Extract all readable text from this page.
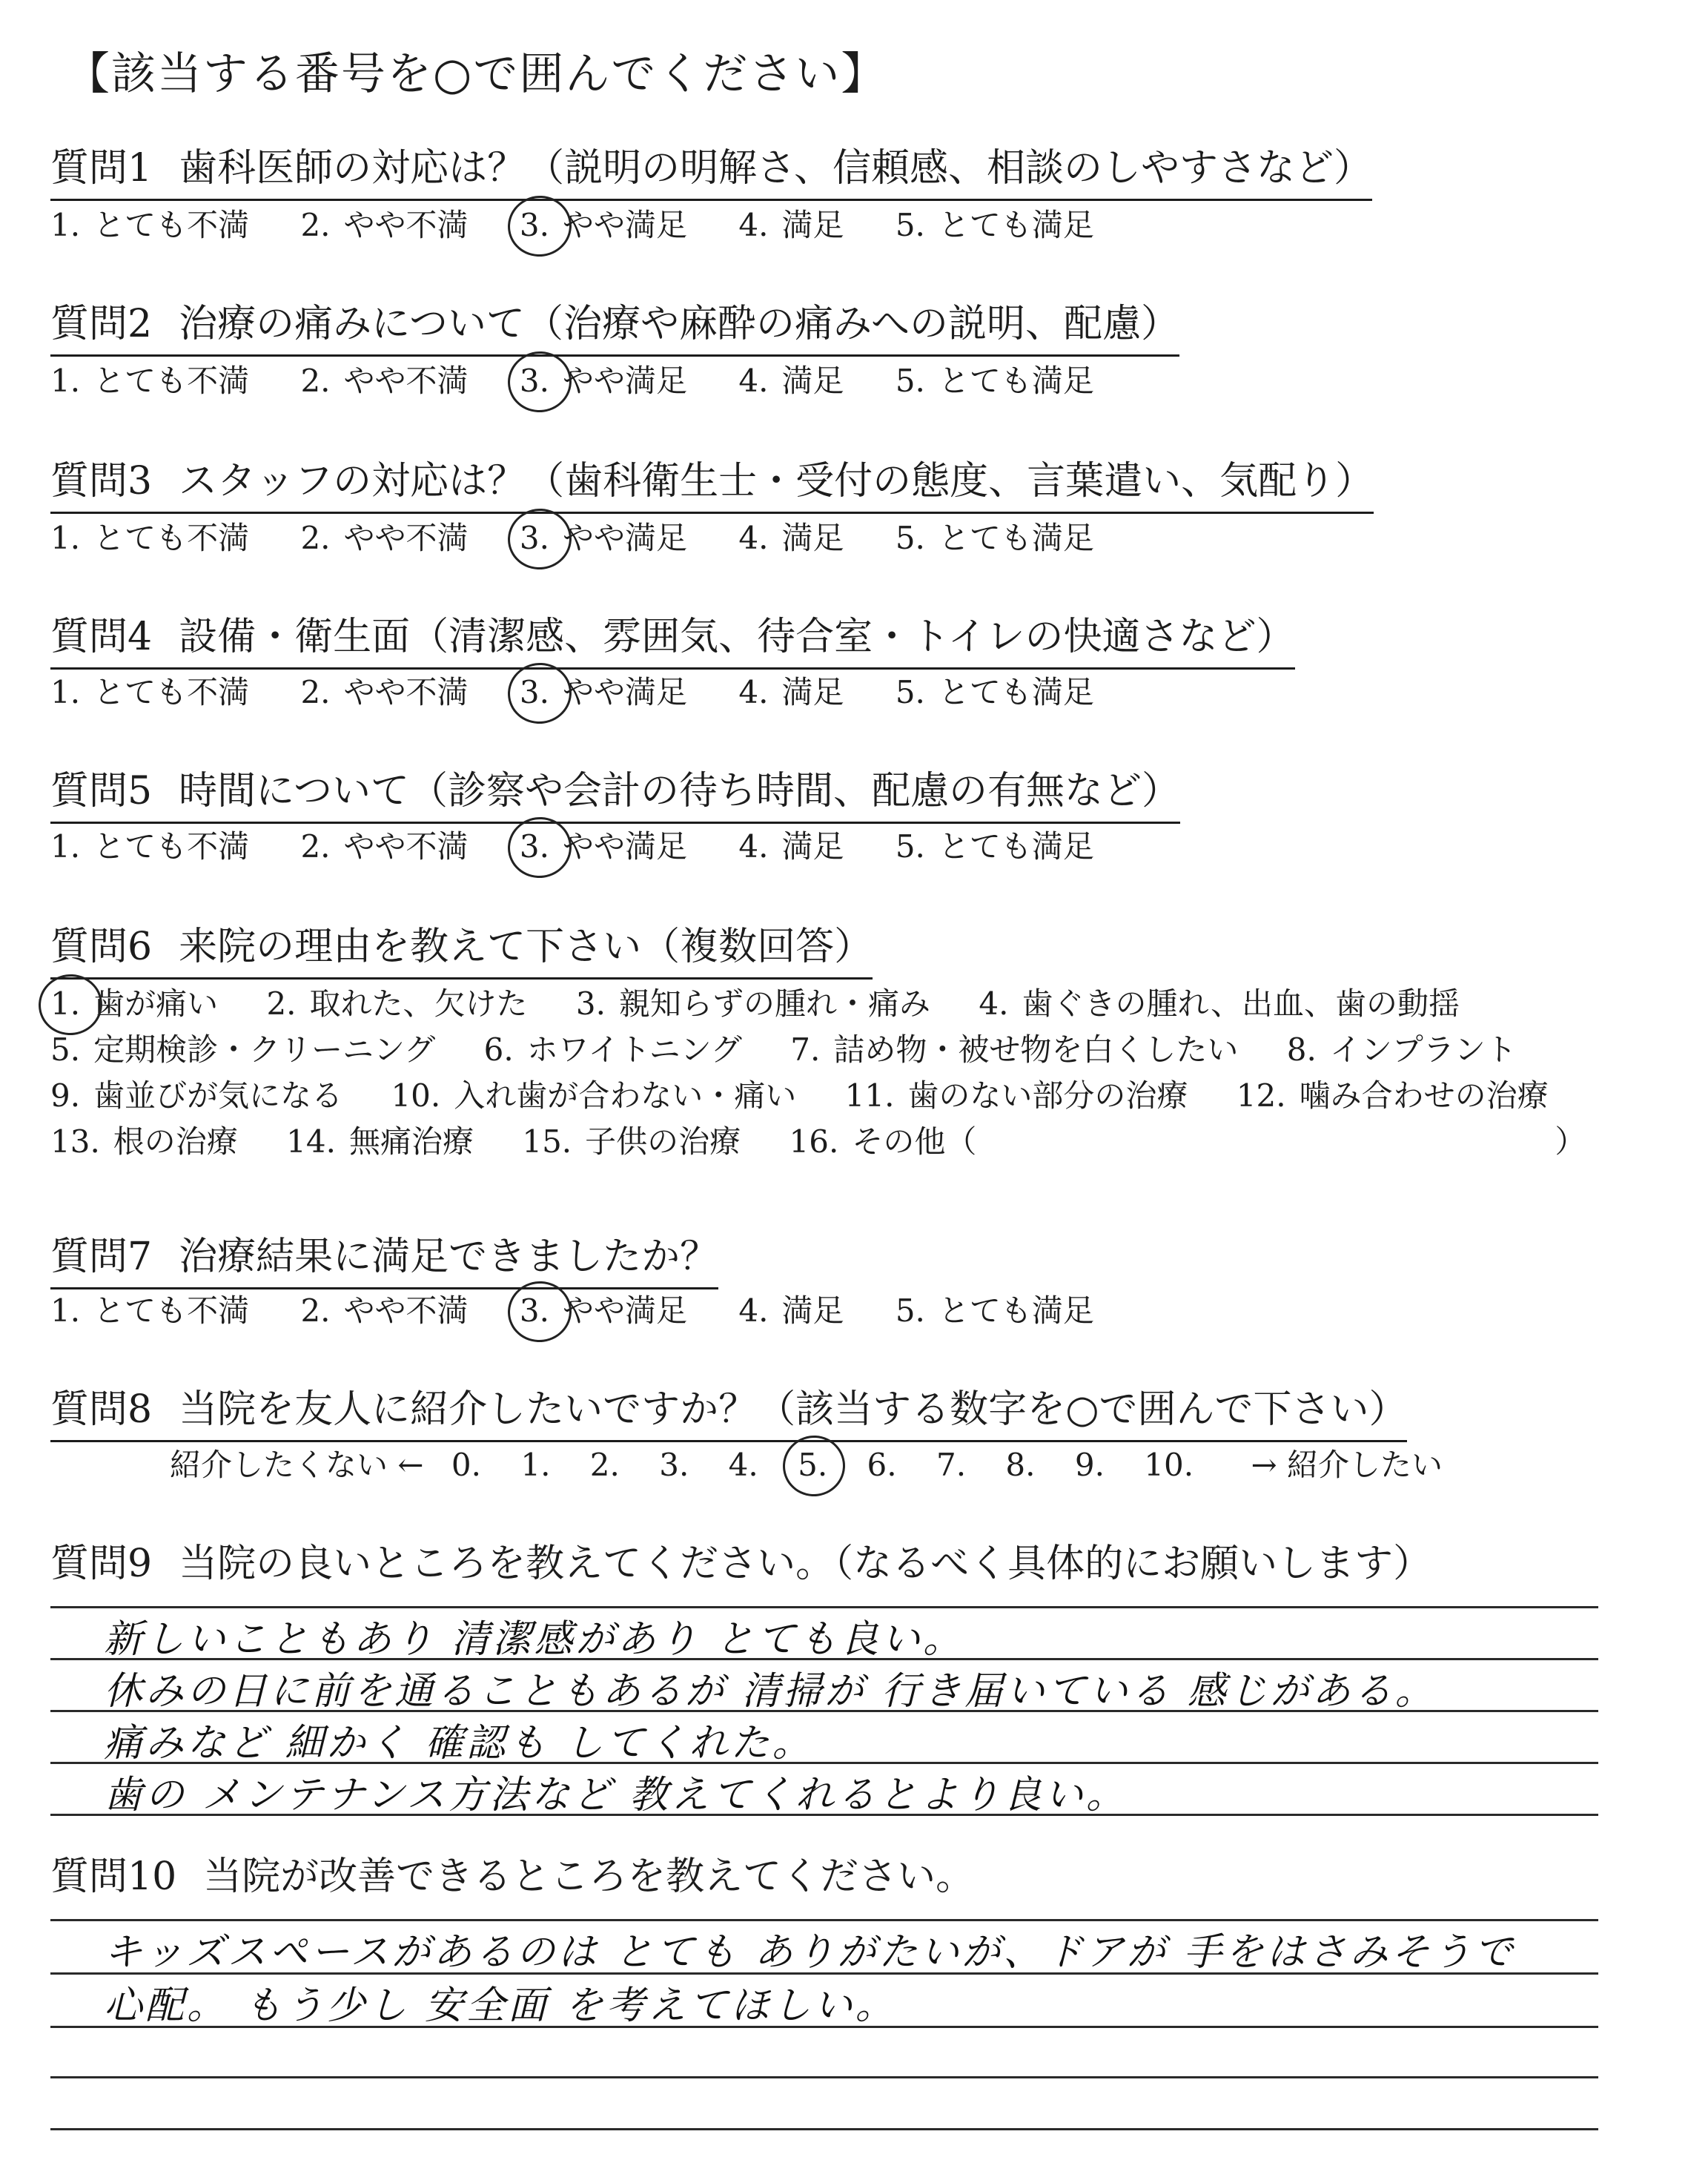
【該当する番号を○で囲んでください】
質問1 歯科医師の対応は？（説明の明解さ、信頼感、相談のしやすさなど）
1. とても不満 2. やや不満 3. やや満足 4. 満足 5. とても満足
質問2 治療の痛みについて（治療や麻酔の痛みへの説明、配慮）
1. とても不満 2. やや不満 3. やや満足 4. 満足 5. とても満足
質問3 スタッフの対応は？（歯科衛生士・受付の態度、言葉遣い、気配り）
1. とても不満 2. やや不満 3. やや満足 4. 満足 5. とても満足
質問4 設備・衛生面（清潔感、雰囲気、待合室・トイレの快適さなど）
1. とても不満 2. やや不満 3. やや満足 4. 満足 5. とても満足
質問5 時間について（診察や会計の待ち時間、配慮の有無など）
1. とても不満 2. やや不満 3. やや満足 4. 満足 5. とても満足
質問6 来院の理由を教えて下さい（複数回答）
1. 歯が痛い 2. 取れた、欠けた 3. 親知らずの腫れ・痛み 4. 歯ぐきの腫れ、出血、歯の動揺
5. 定期検診・クリーニング 6. ホワイトニング 7. 詰め物・被せ物を白くしたい 8. インプラント
9. 歯並びが気になる 10. 入れ歯が合わない・痛い 11. 歯のない部分の治療 12. 噛み合わせの治療
13. 根の治療 14. 無痛治療 15. 子供の治療 16. その他（	）
質問7 治療結果に満足できましたか？
1. とても不満 2. やや不満 3. やや満足 4. 満足 5. とても満足
質問8 当院を友人に紹介したいですか？（該当する数字を○で囲んで下さい）
紹介したくない ← 0. 1. 2. 3. 4. 5. 6. 7. 8. 9. 10. → 紹介したい
質問9 当院の良いところを教えてください。（なるべく具体的にお願いします）

新しいこともあり 清潔感があり とても良い。

休みの日に前を通ることもあるが 清掃が 行き届いている 感じがある。

痛みなど 細かく 確認も してくれた。

歯の メンテナンス方法など 教えてくれるとより良い。

質問10 当院が改善できるところを教えてください。

キッズスペースがあるのは とても ありがたいが、ドアが 手をはさみそうで

心配。 もう少し 安全面 を考えてほしい。
